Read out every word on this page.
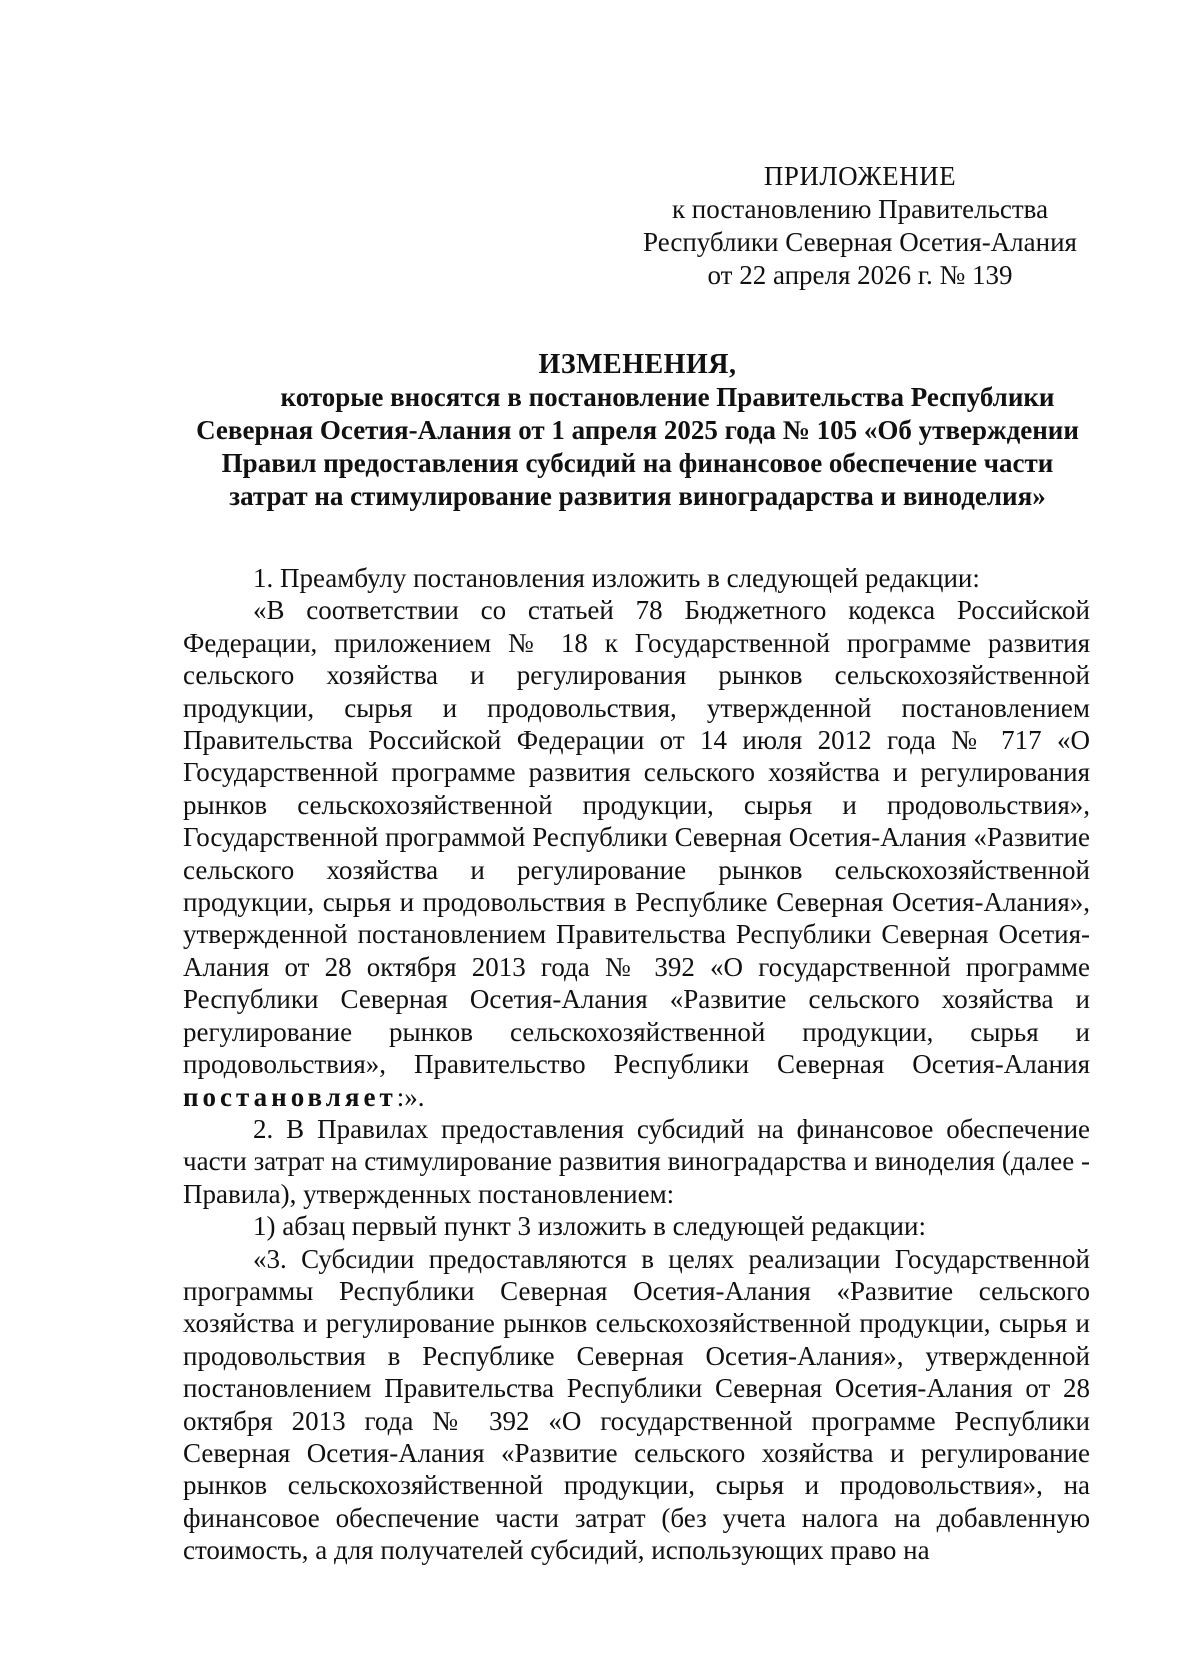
ПРИЛОЖЕНИЕ
к постановлению Правительства
Республики Северная Осетия-Алания
от 22 апреля 2026 г. № 139
ИЗМЕНЕНИЯ,
которые вносятся в постановление Правительства Республики
Северная Осетия-Алания от 1 апреля 2025 года № 105 «Об утверждении
Правил предоставления субсидий на финансовое обеспечение части
затрат на стимулирование развития виноградарства и виноделия»

1. Преамбулу постановления изложить в следующей редакции:

«В соответствии со статьей 78 Бюджетного кодекса Российской Федерации, приложением № 18 к Государственной программе развития сельского хозяйства и регулирования рынков сельскохозяйственной продукции, сырья и продовольствия, утвержденной постановлением Правительства Российской Федерации от 14 июля 2012 года № 717 «О Государственной программе развития сельского хозяйства и регулирования рынков сельскохозяйственной продукции, сырья и продовольствия», Государственной программой Республики Северная Осетия-Алания «Развитие сельского хозяйства и регулирование рынков сельскохозяйственной продукции, сырья и продовольствия в Республике Северная Осетия-Алания», утвержденной постановлением Правительства Республики Северная Осетия-Алания от 28 октября 2013 года № 392 «О государственной программе Республики Северная Осетия-Алания «Развитие сельского хозяйства и регулирование рынков сельскохозяйственной продукции, сырья и продовольствия», Правительство Республики Северная Осетия-Алания постановляет:».

2. В Правилах предоставления субсидий на финансовое обеспечение части затрат на стимулирование развития виноградарства и виноделия (далее - Правила), утвержденных постановлением:

1) абзац первый пункт 3 изложить в следующей редакции:

«3. Субсидии предоставляются в целях реализации Государственной программы Республики Северная Осетия-Алания «Развитие сельского хозяйства и регулирование рынков сельскохозяйственной продукции, сырья и продовольствия в Республике Северная Осетия-Алания», утвержденной постановлением Правительства Республики Северная Осетия-Алания от 28 октября 2013 года № 392 «О государственной программе Республики Северная Осетия-Алания «Развитие сельского хозяйства и регулирование рынков сельскохозяйственной продукции, сырья и продовольствия», на финансовое обеспечение части затрат (без учета налога на добавленную стоимость, а для получателей субсидий, использующих право на
